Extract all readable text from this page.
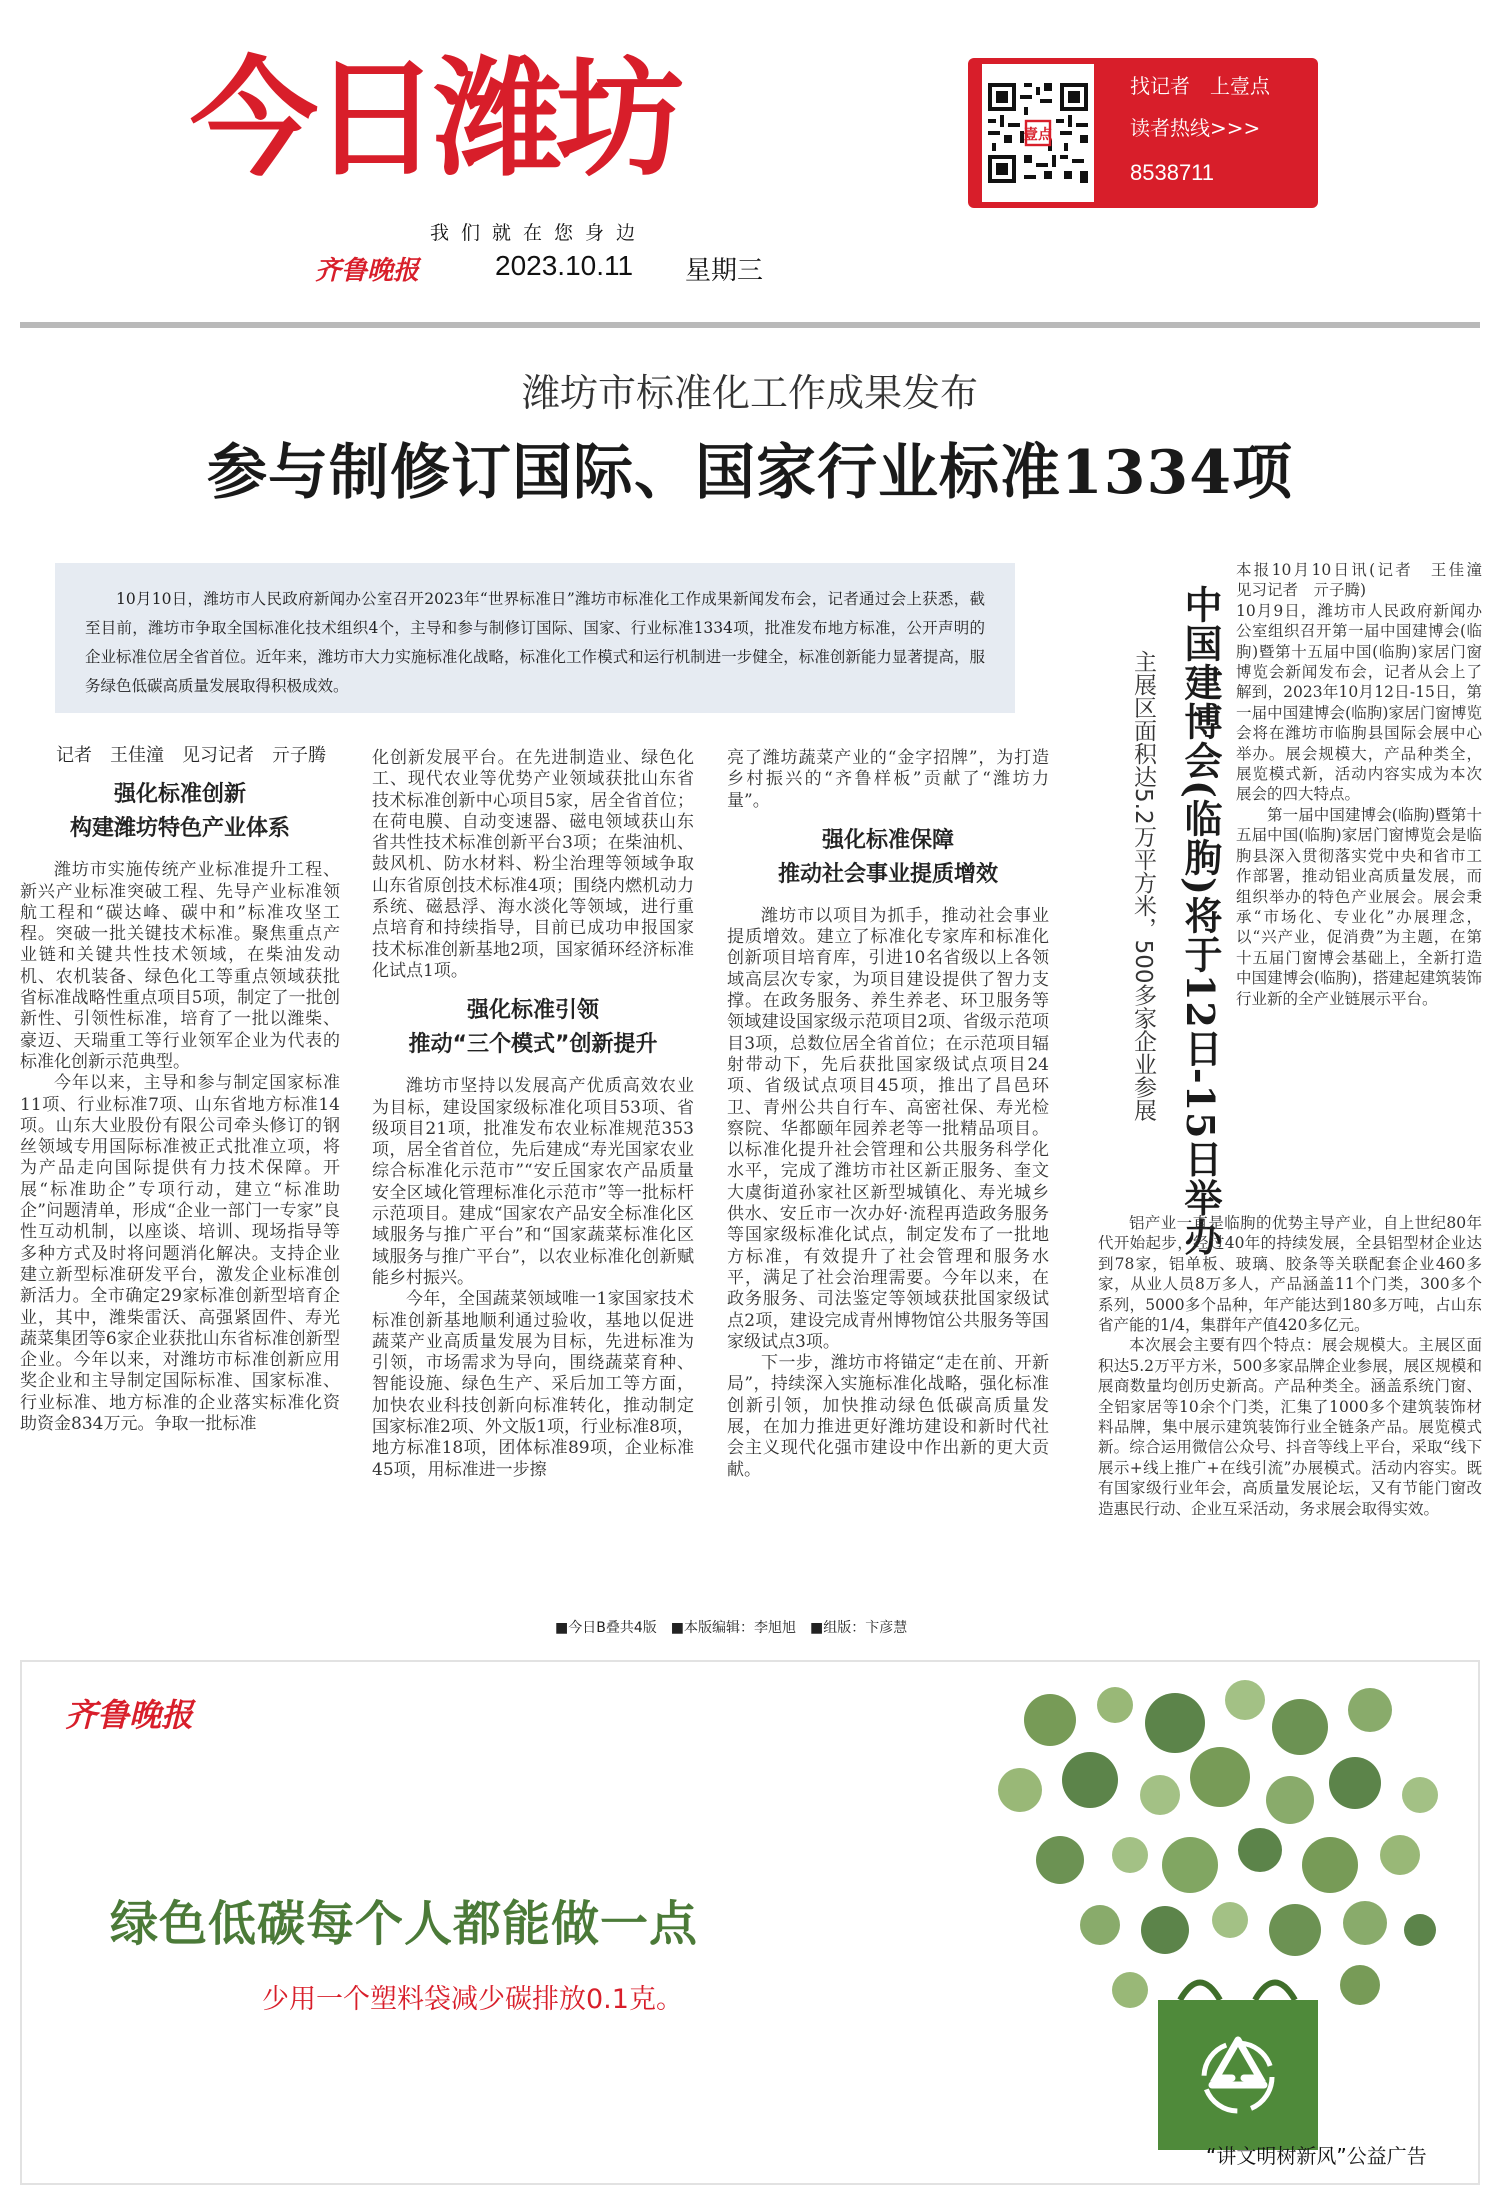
今日潍坊
我们就在您身边
齐鲁晚报	2023.10.11 星期三
壹点
找记者　上壹点
读者热线>>>
8538711
潍坊市标准化工作成果发布
参与制修订国际、国家行业标准1334项
10月10日，潍坊市人民政府新闻办公室召开2023年“世界标准日”潍坊市标准化工作成果新闻发布会，记者通过会上获悉，截至目前，潍坊市争取全国标准化技术组织4个，主导和参与制修订国际、国家、行业标准1334项，批准发布地方标准，公开声明的企业标准位居全省首位。近年来，潍坊市大力实施标准化战略，标准化工作模式和运行机制进一步健全，标准创新能力显著提高，服务绿色低碳高质量发展取得积极成效。

记者　王佳潼　见习记者　亓子腾

强化标准创新
构建潍坊特色产业体系

潍坊市实施传统产业标准提升工程、新兴产业标准突破工程、先导产业标准领航工程和“碳达峰、碳中和”标准攻坚工程。突破一批关键技术标准。聚焦重点产业链和关键共性技术领域，在柴油发动机、农机装备、绿色化工等重点领域获批省标准战略性重点项目5项，制定了一批创新性、引领性标准，培育了一批以潍柴、豪迈、天瑞重工等行业领军企业为代表的标准化创新示范典型。

今年以来，主导和参与制定国家标准11项、行业标准7项、山东省地方标准14项。山东大业股份有限公司牵头修订的钢丝领域专用国际标准被正式批准立项，将为产品走向国际提供有力技术保障。开展“标准助企”专项行动，建立“标准助企”问题清单，形成“企业一部门一专家”良性互动机制，以座谈、培训、现场指导等多种方式及时将问题消化解决。支持企业建立新型标准研发平台，激发企业标准创新活力。全市确定29家标准创新型培育企业，其中，潍柴雷沃、高强紧固件、寿光蔬菜集团等6家企业获批山东省标准创新型企业。今年以来，对潍坊市标准创新应用奖企业和主导制定国际标准、国家标准、行业标准、地方标准的企业落实标准化资助资金834万元。争取一批标准

化创新发展平台。在先进制造业、绿色化工、现代农业等优势产业领域获批山东省技术标准创新中心项目5家，居全省首位；在荷电膜、自动变速器、磁电领域获山东省共性技术标准创新平台3项；在柴油机、鼓风机、防水材料、粉尘治理等领域争取山东省原创技术标准4项；围绕内燃机动力系统、磁悬浮、海水淡化等领域，进行重点培育和持续指导，目前已成功申报国家技术标准创新基地2项，国家循环经济标准化试点1项。

强化标准引领
推动“三个模式”创新提升

潍坊市坚持以发展高产优质高效农业为目标，建设国家级标准化项目53项、省级项目21项，批准发布农业标准规范353项，居全省首位，先后建成“寿光国家农业综合标准化示范市”“安丘国家农产品质量安全区域化管理标准化示范市”等一批标杆示范项目。建成“国家农产品安全标准化区域服务与推广平台”和“国家蔬菜标准化区域服务与推广平台”，以农业标准化创新赋能乡村振兴。

今年，全国蔬菜领域唯一1家国家技术标准创新基地顺利通过验收，基地以促进蔬菜产业高质量发展为目标，先进标准为引领，市场需求为导向，围绕蔬菜育种、智能设施、绿色生产、采后加工等方面，加快农业科技创新向标准转化，推动制定国家标准2项、外文版1项，行业标准8项，地方标准18项，团体标准89项，企业标准45项，用标准进一步擦

亮了潍坊蔬菜产业的“金字招牌”，为打造乡村振兴的“齐鲁样板”贡献了“潍坊力量”。

强化标准保障
推动社会事业提质增效

潍坊市以项目为抓手，推动社会事业提质增效。建立了标准化专家库和标准化创新项目培育库，引进10名省级以上各领域高层次专家，为项目建设提供了智力支撑。在政务服务、养生养老、环卫服务等领域建设国家级示范项目2项、省级示范项目3项，总数位居全省首位；在示范项目辐射带动下，先后获批国家级试点项目24项、省级试点项目45项，推出了昌邑环卫、青州公共自行车、高密社保、寿光检察院、华都颐年园养老等一批精品项目。以标准化提升社会管理和公共服务科学化水平，完成了潍坊市社区新正服务、奎文大虞街道孙家社区新型城镇化、寿光城乡供水、安丘市一次办好·流程再造政务服务等国家级标准化试点，制定发布了一批地方标准，有效提升了社会管理和服务水平，满足了社会治理需要。今年以来，在政务服务、司法鉴定等领域获批国家级试点2项，建设完成青州博物馆公共服务等国家级试点3项。

下一步，潍坊市将锚定“走在前、开新局”，持续深入实施标准化战略，强化标准创新引领，加快推动绿色低碳高质量发展，在加力推进更好潍坊建设和新时代社会主义现代化强市建设中作出新的更大贡献。

中国建博会(临朐)将于12日-15日举办
主展区面积达5.2万平方米，500多家企业参展

本报10月10日讯(记者　王佳潼　见习记者　亓子腾)

10月9日，潍坊市人民政府新闻办公室组织召开第一届中国建博会(临朐)暨第十五届中国(临朐)家居门窗博览会新闻发布会，记者从会上了解到，2023年10月12日-15日，第一届中国建博会(临朐)家居门窗博览会将在潍坊市临朐县国际会展中心举办。展会规模大，产品种类全，展览模式新，活动内容实成为本次展会的四大特点。

第一届中国建博会(临朐)暨第十五届中国(临朐)家居门窗博览会是临朐县深入贯彻落实党中央和省市工作部署，推动铝业高质量发展，而组织举办的特色产业展会。展会秉承“市场化、专业化”办展理念，以“兴产业，促消费”为主题，在第十五届门窗博会基础上，全新打造中国建博会(临朐)，搭建起建筑装饰行业新的全产业链展示平台。

铝产业一直是临朐的优势主导产业，自上世纪80年代开始起步，经过40年的持续发展，全县铝型材企业达到78家，铝单板、玻璃、胶条等关联配套企业460多家，从业人员8万多人，产品涵盖11个门类，300多个系列，5000多个品种，年产能达到180多万吨，占山东省产能的1/4，集群年产值420多亿元。

本次展会主要有四个特点：展会规模大。主展区面积达5.2万平方米，500多家品牌企业参展，展区规模和展商数量均创历史新高。产品种类全。涵盖系统门窗、全铝家居等10余个门类，汇集了1000多个建筑装饰材料品牌，集中展示建筑装饰行业全链条产品。展览模式新。综合运用微信公众号、抖音等线上平台，采取“线下展示+线上推广+在线引流”办展模式。活动内容实。既有国家级行业年会，高质量发展论坛，又有节能门窗改造惠民行动、企业互采活动，务求展会取得实效。

■今日B叠共4版　■本版编辑：李旭旭　■组版：卞彦慧
齐鲁晚报
绿色低碳每个人都能做一点
少用一个塑料袋减少碳排放0.1克。
“讲文明树新风”公益广告
